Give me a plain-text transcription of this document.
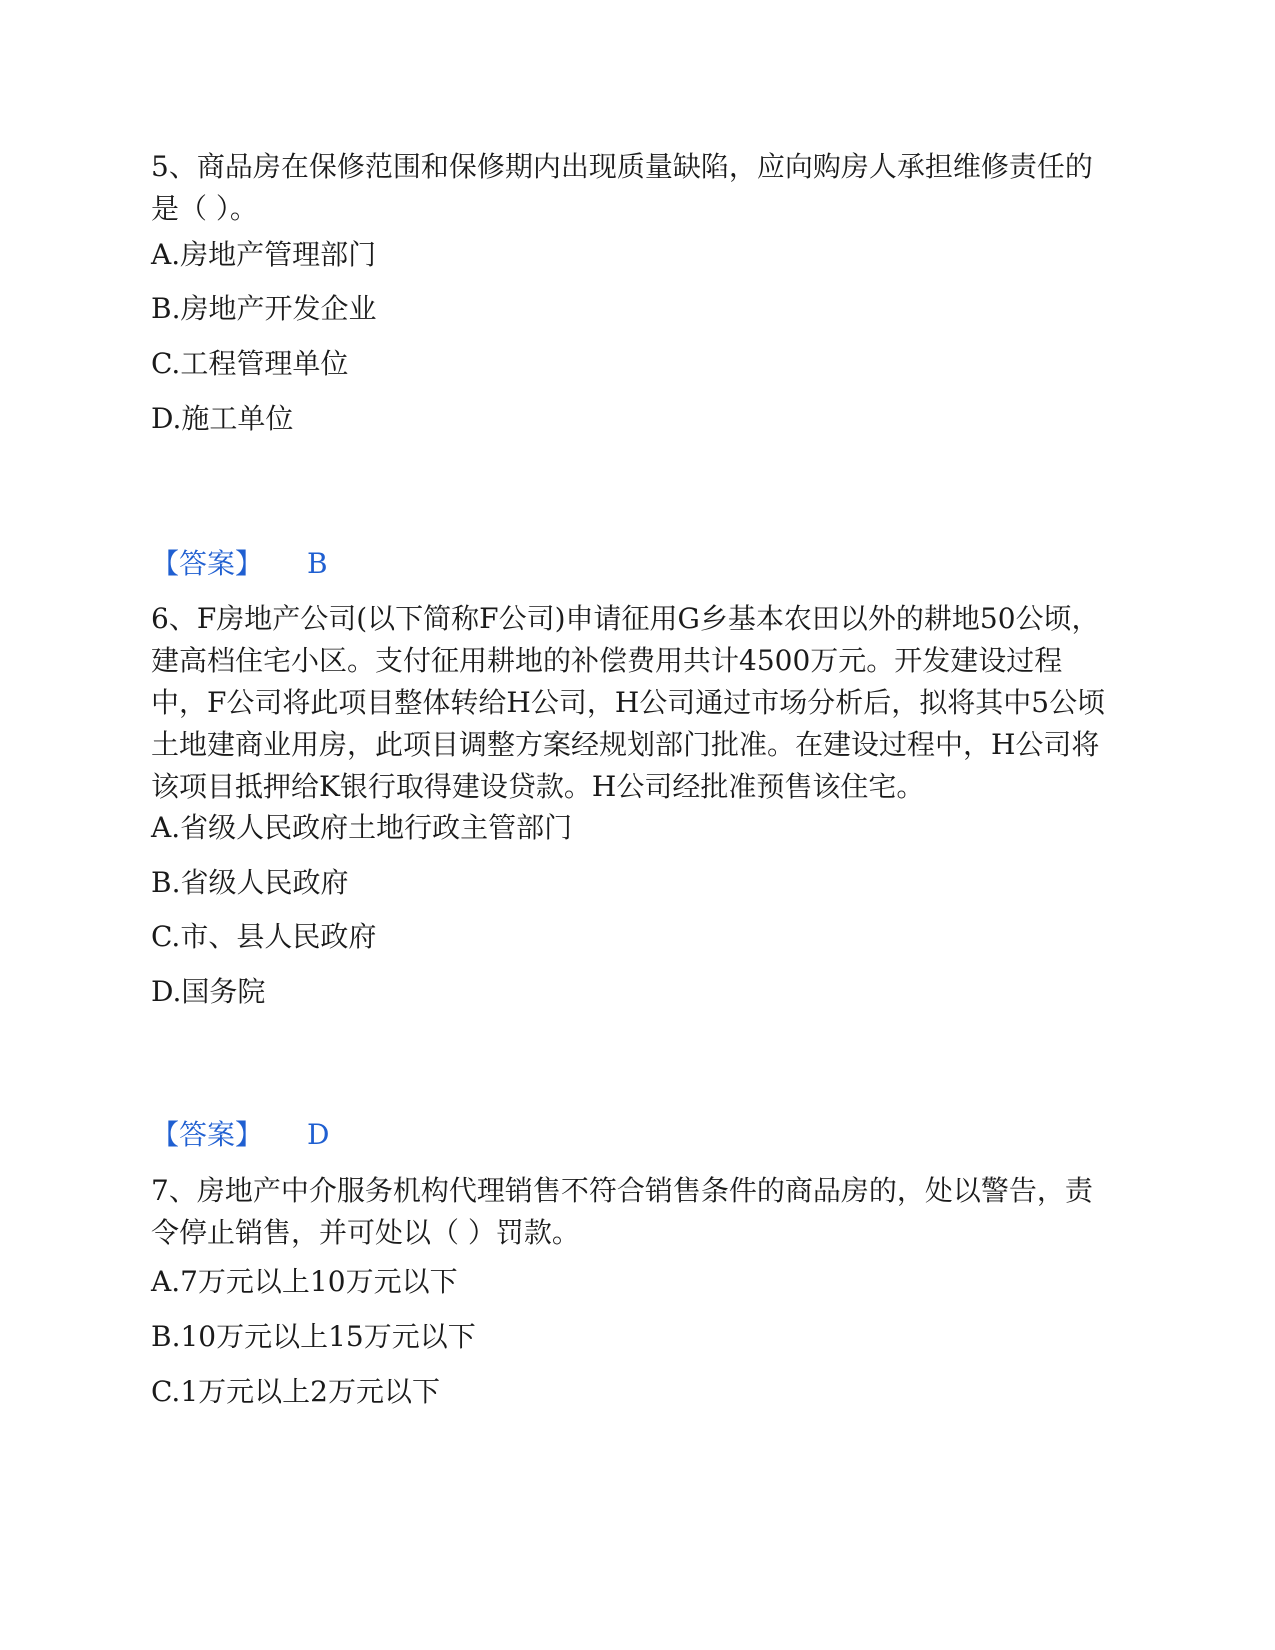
5、商品房在保修范围和保修期内出现质量缺陷，应向购房人承担维修责任的是（ ）。

A.房地产管理部门

B.房地产开发企业

C.工程管理单位

D.施工单位

【答案】 B

6、F房地产公司(以下简称F公司)申请征用G乡基本农田以外的耕地50公顷，建高档住宅小区。支付征用耕地的补偿费用共计4500万元。开发建设过程中，F公司将此项目整体转给H公司，H公司通过市场分析后，拟将其中5公顷土地建商业用房，此项目调整方案经规划部门批准。在建设过程中，H公司将该项目抵押给K银行取得建设贷款。H公司经批准预售该住宅。

A.省级人民政府土地行政主管部门

B.省级人民政府

C.市、县人民政府

D.国务院

【答案】 D

7、房地产中介服务机构代理销售不符合销售条件的商品房的，处以警告，责令停止销售，并可处以（ ）罚款。

A.7万元以上10万元以下

B.10万元以上15万元以下

C.1万元以上2万元以下
